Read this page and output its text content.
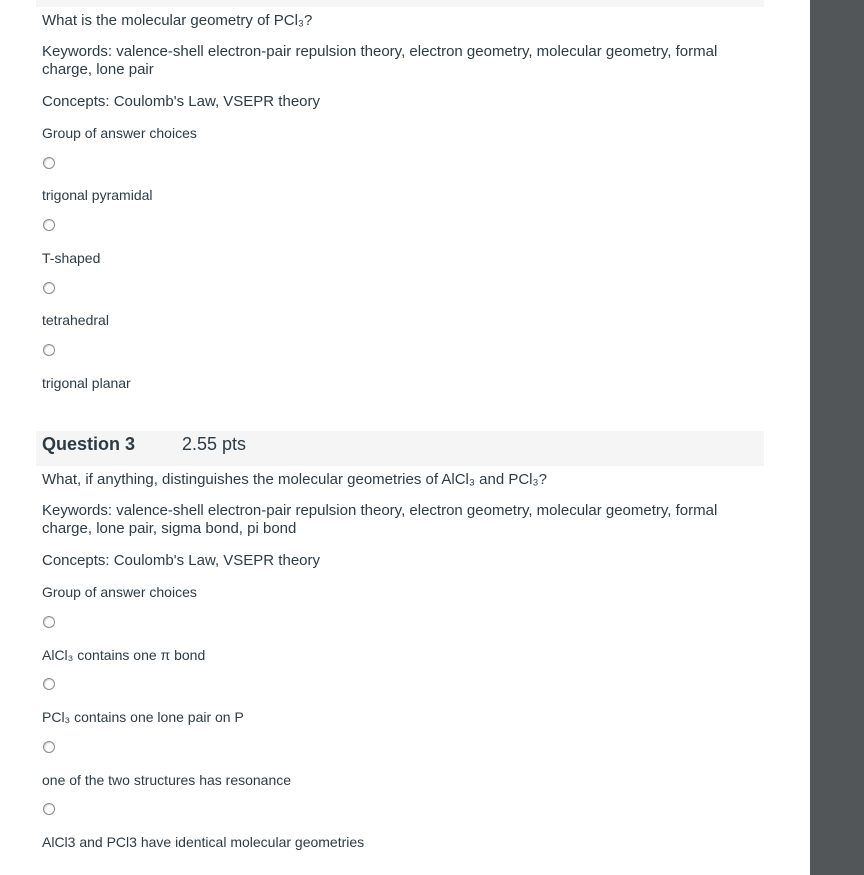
What is the molecular geometry of PCl₃?
Keywords: valence-shell electron-pair repulsion theory, electron geometry, molecular geometry, formal charge, lone pair
Concepts: Coulomb's Law, VSEPR theory
Group of answer choices
trigonal pyramidal
T-shaped
tetrahedral
trigonal planar
Question 3	2.55 pts
What, if anything, distinguishes the molecular geometries of AlCl₃ and PCl₃?
Keywords: valence-shell electron-pair repulsion theory, electron geometry, molecular geometry, formal charge, lone pair, sigma bond, pi bond
Concepts: Coulomb's Law, VSEPR theory
Group of answer choices
AlCl₃ contains one π bond
PCl₃ contains one lone pair on P
one of the two structures has resonance
AlCl3 and PCl3 have identical molecular geometries
